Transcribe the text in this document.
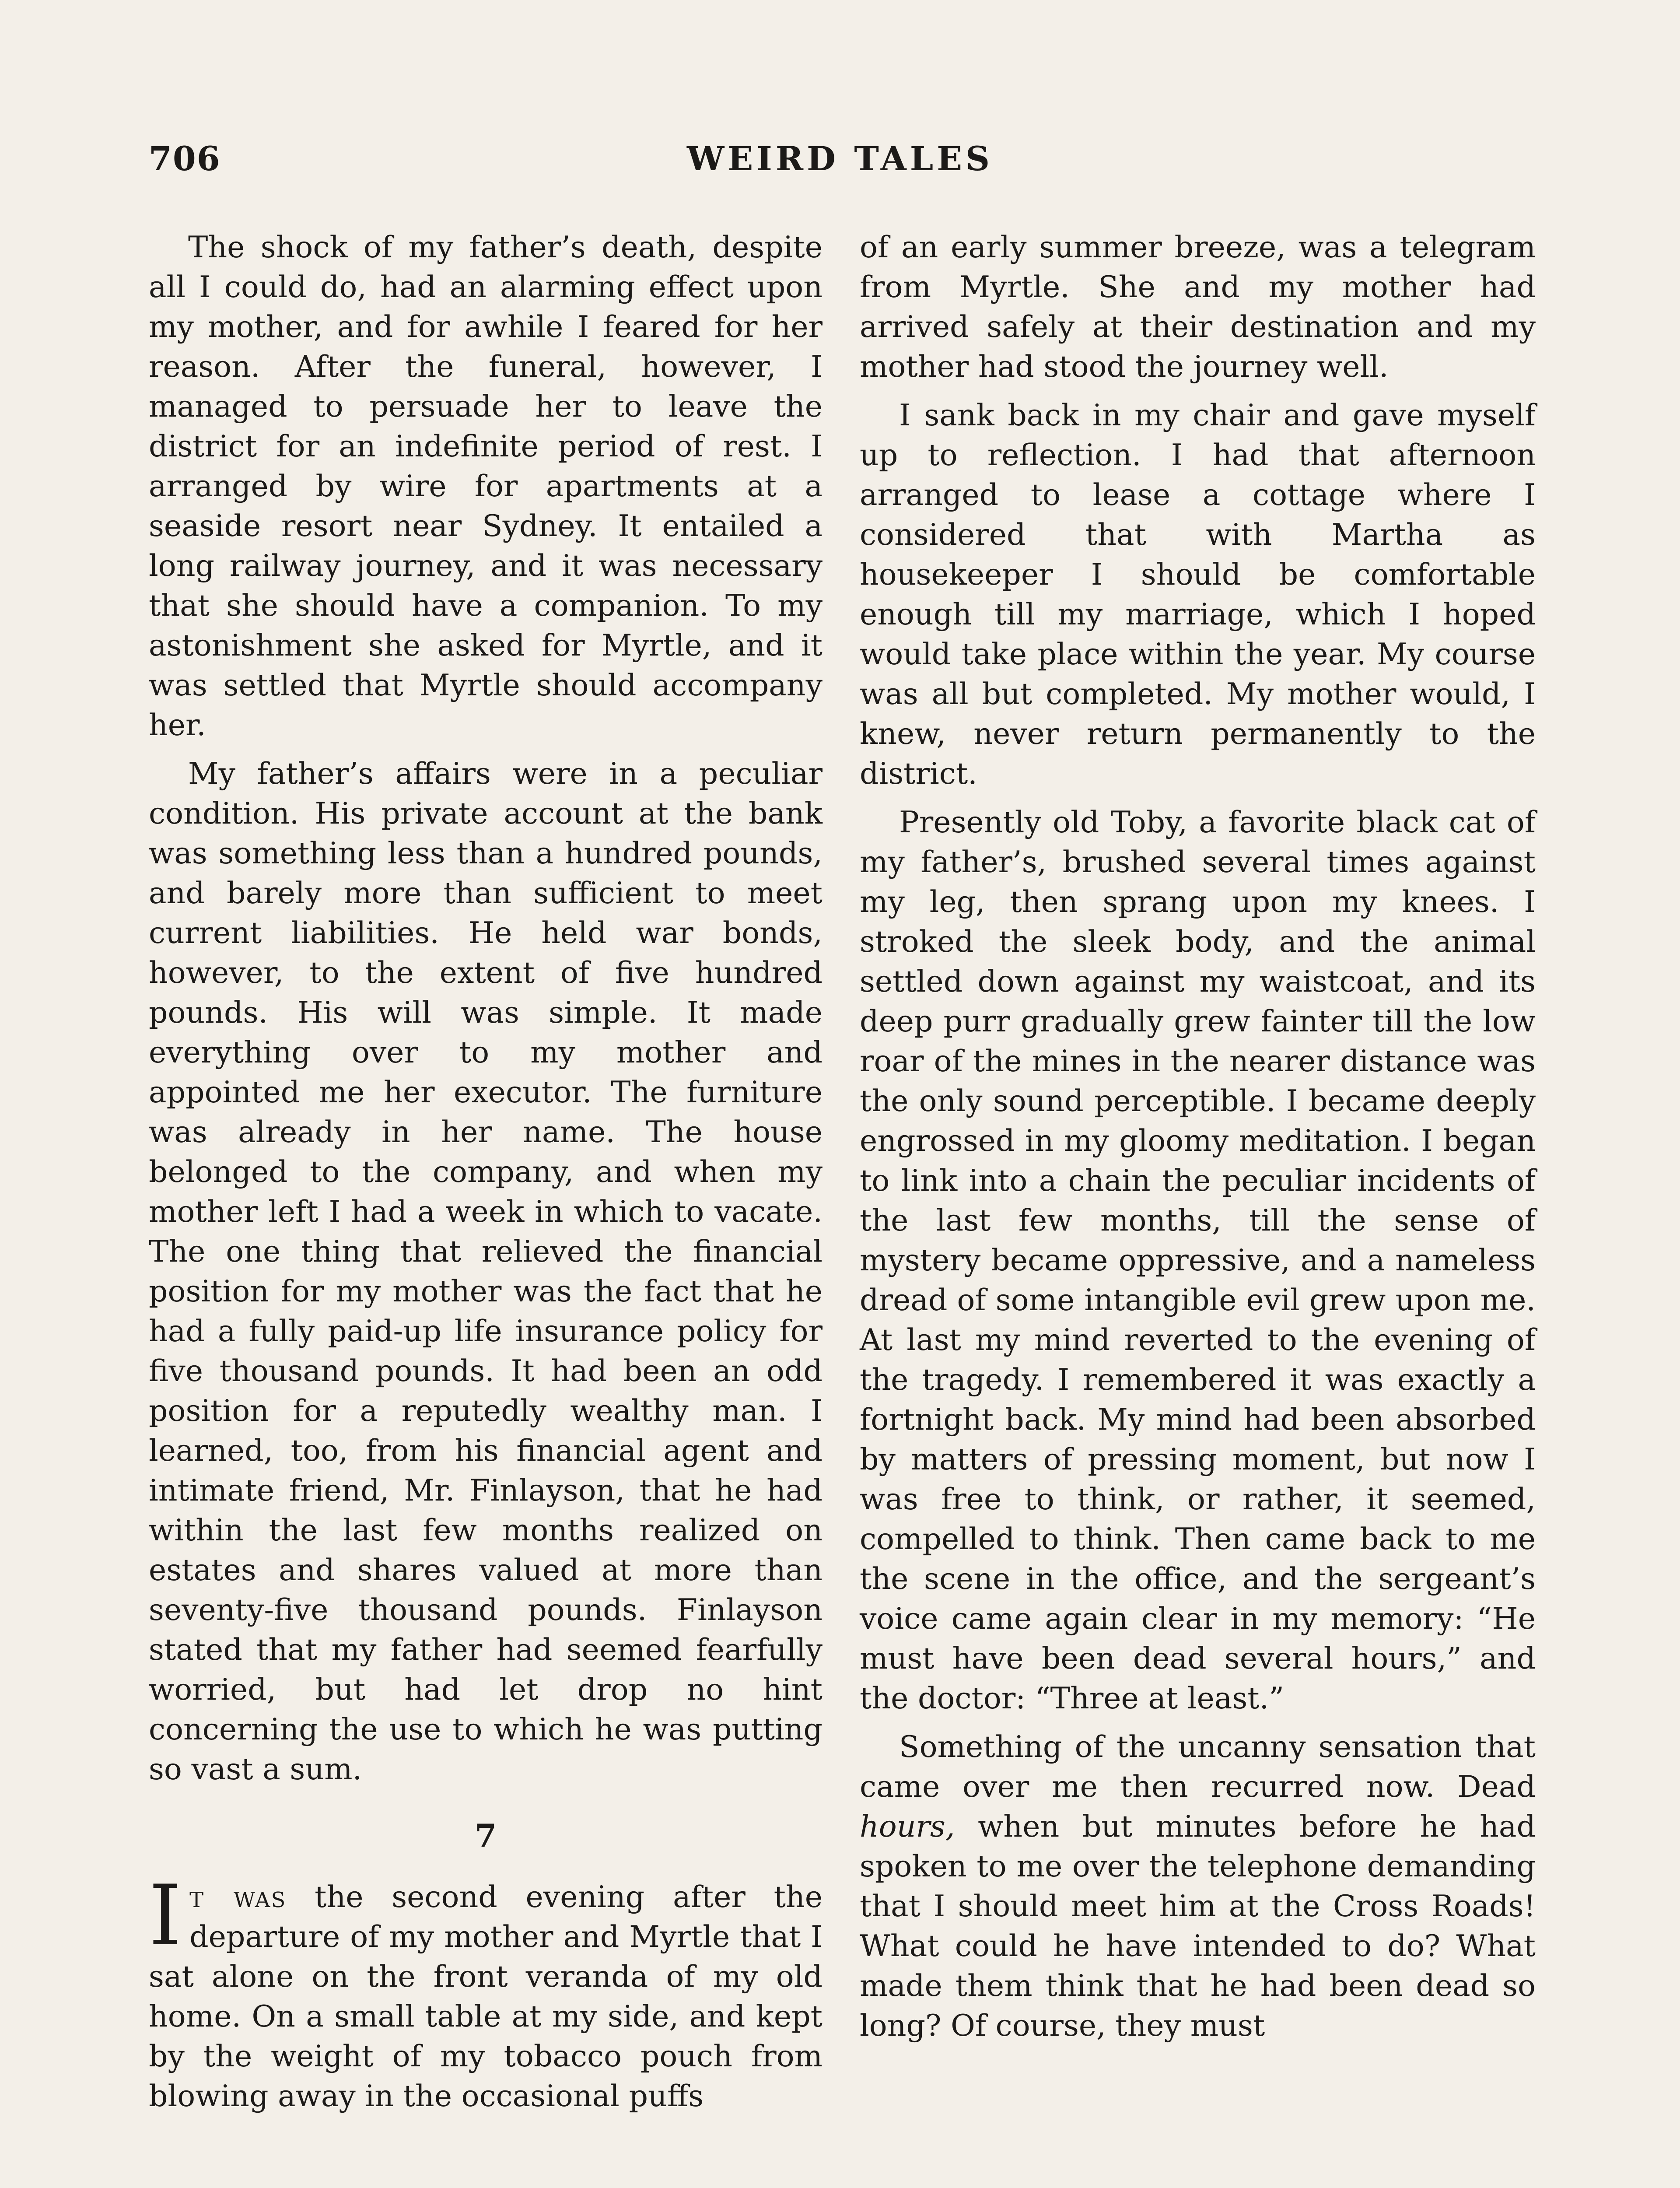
706	WEIRD TALES

The shock of my father’s death, despite all I could do, had an alarming effect upon my mother, and for awhile I feared for her reason. After the funeral, however, I managed to persuade her to leave the district for an indefinite period of rest. I arranged by wire for apartments at a seaside resort near Sydney. It entailed a long railway journey, and it was necessary that she should have a companion. To my astonishment she asked for Myrtle, and it was settled that Myrtle should accompany her.

My father’s affairs were in a peculiar condition. His private account at the bank was something less than a hundred pounds, and barely more than sufficient to meet current liabilities. He held war bonds, however, to the extent of five hundred pounds. His will was simple. It made everything over to my mother and appointed me her executor. The furniture was already in her name. The house belonged to the company, and when my mother left I had a week in which to vacate. The one thing that relieved the financial position for my mother was the fact that he had a fully paid-up life insurance policy for five thousand pounds. It had been an odd position for a reputedly wealthy man. I learned, too, from his financial agent and intimate friend, Mr. Finlayson, that he had within the last few months realized on estates and shares valued at more than seventy-five thousand pounds. Finlayson stated that my father had seemed fearfully worried, but had let drop no hint concerning the use to which he was putting so vast a sum.

7

It was the second evening after the departure of my mother and Myrtle that I sat alone on the front veranda of my old home. On a small table at my side, and kept by the weight of my tobacco pouch from blowing away in the occasional puffs

of an early summer breeze, was a telegram from Myrtle. She and my mother had arrived safely at their destination and my mother had stood the journey well.

I sank back in my chair and gave myself up to reflection. I had that afternoon arranged to lease a cottage where I considered that with Martha as housekeeper I should be comfortable enough till my marriage, which I hoped would take place within the year. My course was all but completed. My mother would, I knew, never return permanently to the district.

Presently old Toby, a favorite black cat of my father’s, brushed several times against my leg, then sprang upon my knees. I stroked the sleek body, and the animal settled down against my waistcoat, and its deep purr gradually grew fainter till the low roar of the mines in the nearer distance was the only sound perceptible. I became deeply engrossed in my gloomy meditation. I began to link into a chain the peculiar incidents of the last few months, till the sense of mystery became oppressive, and a nameless dread of some intangible evil grew upon me. At last my mind reverted to the evening of the tragedy. I remembered it was exactly a fortnight back. My mind had been absorbed by matters of pressing moment, but now I was free to think, or rather, it seemed, compelled to think. Then came back to me the scene in the office, and the sergeant’s voice came again clear in my memory: “He must have been dead several hours,” and the doctor: “Three at least.”

Something of the uncanny sensation that came over me then recurred now. Dead hours, when but minutes before he had spoken to me over the telephone demanding that I should meet him at the Cross Roads! What could he have intended to do? What made them think that he had been dead so long? Of course, they must
